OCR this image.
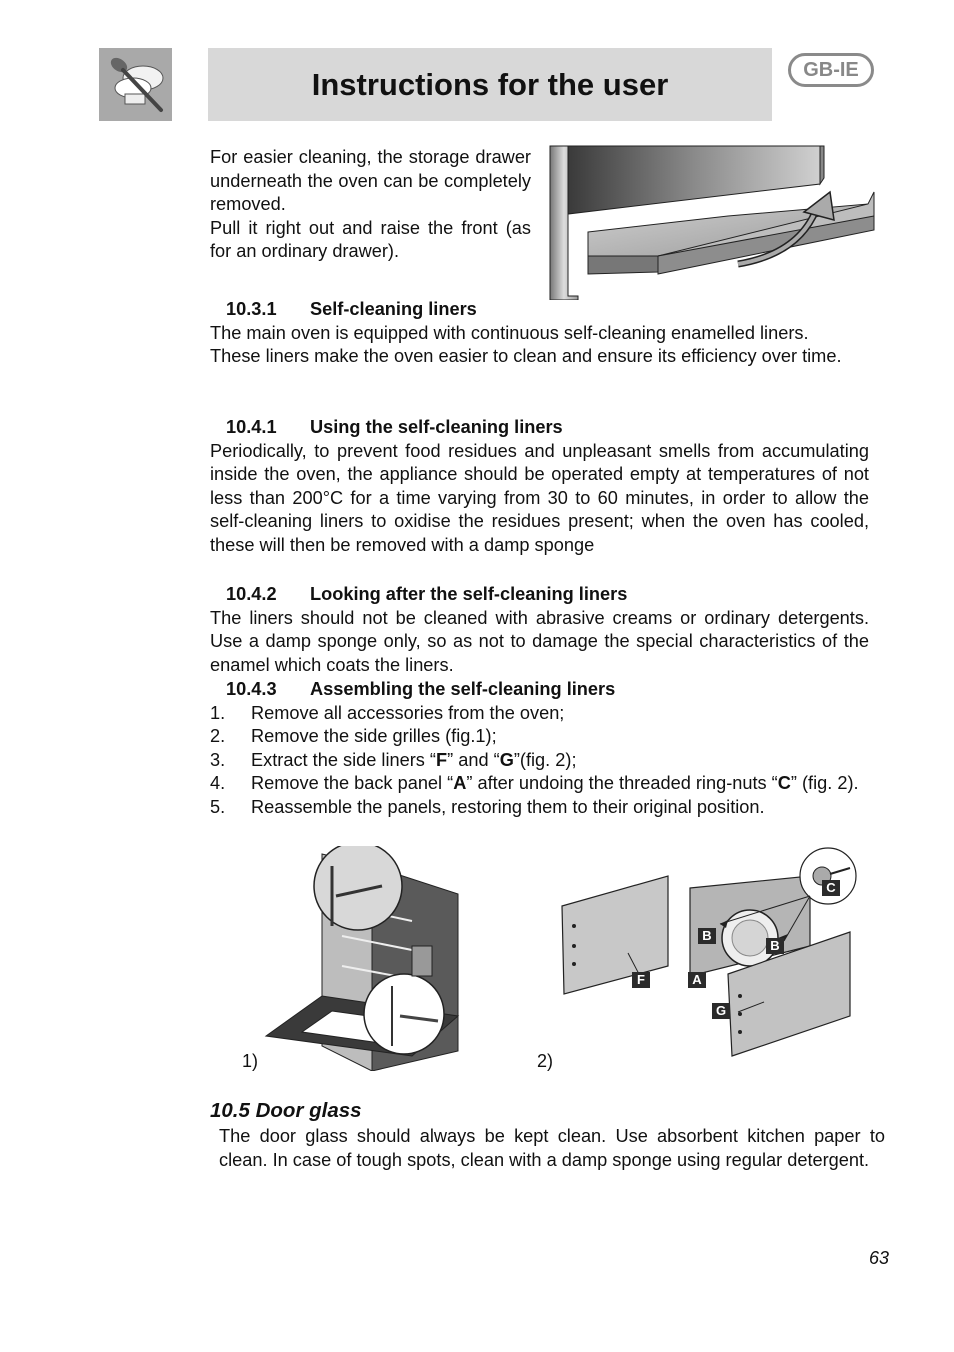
Instructions for the user	GB-IE

For easier cleaning, the storage drawer underneath the oven can be completely removed.

Pull it right out and raise the front (as for an ordinary drawer).

10.3.1 Self-cleaning liners

The main oven is equipped with continuous self-cleaning enamelled liners.

These liners make the oven easier to clean and ensure its efficiency over time.

10.4.1 Using the self-cleaning liners

Periodically, to prevent food residues and unpleasant smells from accumulating inside the oven, the appliance should be operated empty at temperatures of not less than 200°C for a time varying from 30 to 60 minutes, in order to allow the self-cleaning liners to oxidise the residues present; when the oven has cooled, these will then be removed with a damp sponge

10.4.2 Looking after the self-cleaning liners

The liners should not be cleaned with abrasive creams or ordinary detergents. Use a damp sponge only, so as not to damage the special characteristics of the enamel which coats the liners.

10.4.3 Assembling the self-cleaning liners

1.	Remove all accessories from the oven;
2.	Remove the side grilles (fig.1);
3.	Extract the side liners “F” and “G”(fig. 2);
4.	Remove the back panel “A” after undoing the threaded ring-nuts “C” (fig. 2).
5.	Reassemble the panels, restoring them to their original position.
1)
F	A
B
B
G
C
2)
10.5 Door glass

The door glass should always be kept clean. Use absorbent kitchen paper to clean. In case of tough spots, clean with a damp sponge using regular detergent.

63
